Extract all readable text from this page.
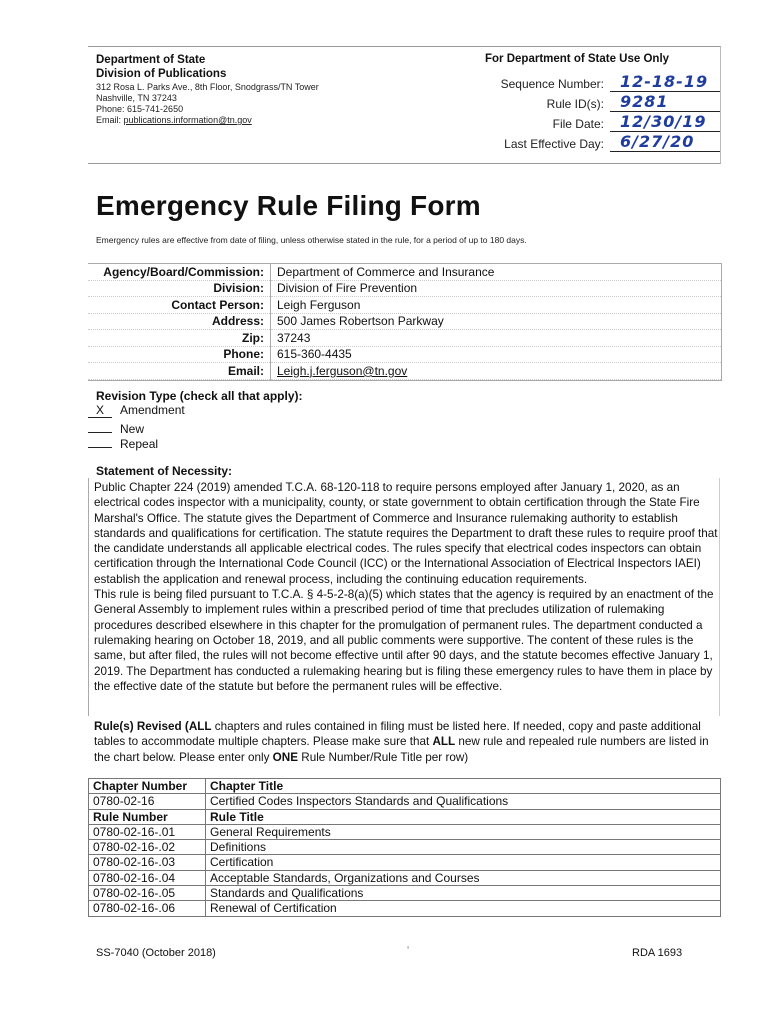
Department of State
Division of Publications
312 Rosa L. Parks Ave., 8th Floor, Snodgrass/TN Tower
Nashville, TN 37243
Phone: 615-741-2650
Email: publications.information@tn.gov
For Department of State Use Only
Sequence Number: 12-18-19
Rule ID(s): 9281
File Date: 12/30/19
Last Effective Day: 6/27/20
Emergency Rule Filing Form
Emergency rules are effective from date of filing, unless otherwise stated in the rule, for a period of up to 180 days.
Agency/Board/Commission:	Department of Commerce and Insurance
Division:	Division of Fire Prevention
Contact Person:	Leigh Ferguson
Address:	500 James Robertson Parkway
Zip:	37243
Phone:	615-360-4435
Email:	Leigh.j.ferguson@tn.gov
Revision Type (check all that apply):
X Amendment
New
Repeal
Statement of Necessity:

Public Chapter 224 (2019) amended T.C.A. 68-120-118 to require persons employed after January 1, 2020, as an electrical codes inspector with a municipality, county, or state government to obtain certification through the State Fire Marshal's Office. The statute gives the Department of Commerce and Insurance rulemaking authority to establish standards and qualifications for certification. The statute requires the Department to draft these rules to require proof that the candidate understands all applicable electrical codes. The rules specify that electrical codes inspectors can obtain certification through the International Code Council (ICC) or the International Association of Electrical Inspectors IAEI) establish the application and renewal process, including the continuing education requirements.

This rule is being filed pursuant to T.C.A. § 4-5-2-8(a)(5) which states that the agency is required by an enactment of the General Assembly to implement rules within a prescribed period of time that precludes utilization of rulemaking procedures described elsewhere in this chapter for the promulgation of permanent rules. The department conducted a rulemaking hearing on October 18, 2019, and all public comments were supportive. The content of these rules is the same, but after filed, the rules will not become effective until after 90 days, and the statute becomes effective January 1, 2019. The Department has conducted a rulemaking hearing but is filing these emergency rules to have them in place by the effective date of the statute but before the permanent rules will be effective.

Rule(s) Revised (ALL chapters and rules contained in filing must be listed here. If needed, copy and paste additional tables to accommodate multiple chapters. Please make sure that ALL new rule and repealed rule numbers are listed in the chart below. Please enter only ONE Rule Number/Rule Title per row)
Chapter Number	Chapter Title
0780-02-16	Certified Codes Inspectors Standards and Qualifications
Rule Number	Rule Title
0780-02-16-.01	General Requirements
0780-02-16-.02	Definitions
0780-02-16-.03	Certification
0780-02-16-.04	Acceptable Standards, Organizations and Courses
0780-02-16-.05	Standards and Qualifications
0780-02-16-.06	Renewal of Certification
SS-7040 (October 2018)	‘	RDA 1693
